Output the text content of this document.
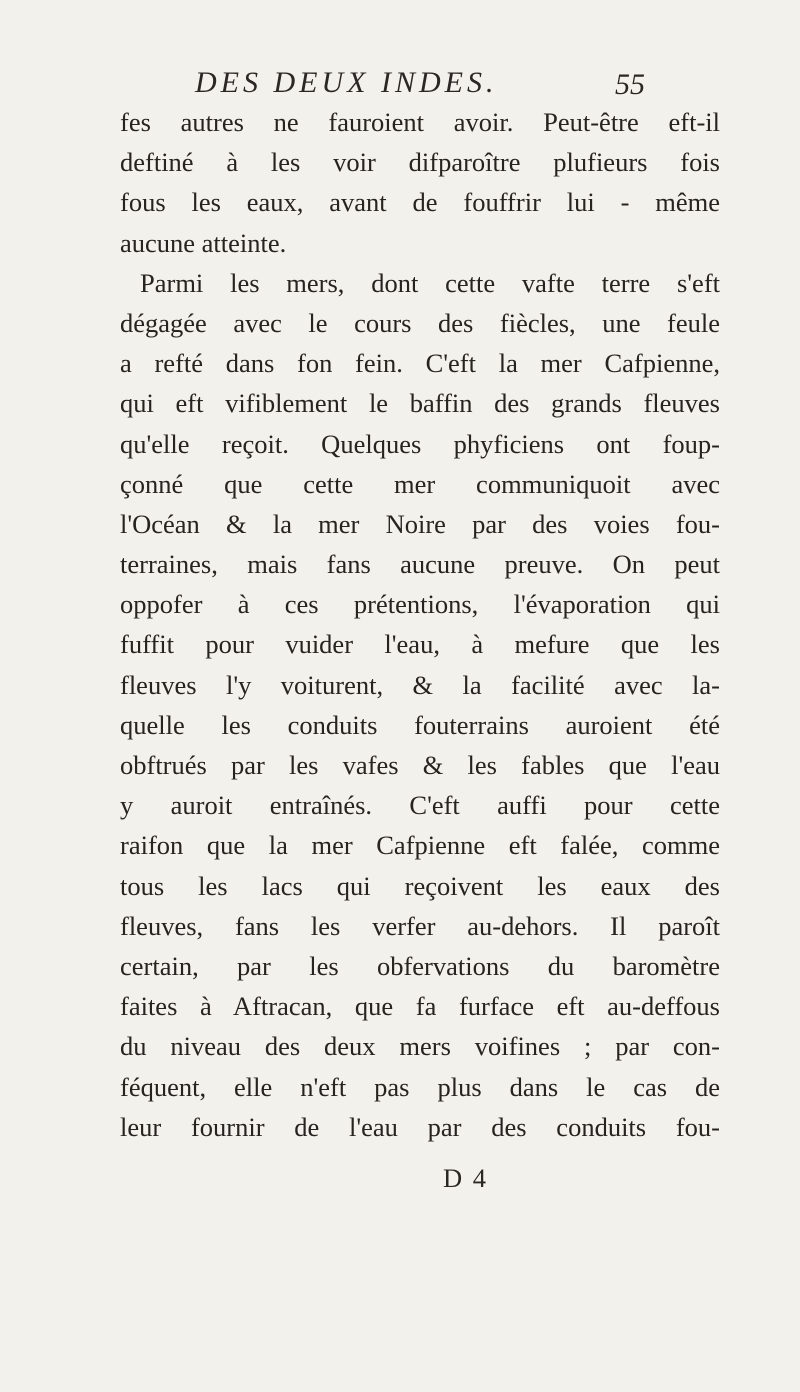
DES DEUX INDES.	55
fes autres ne fauroient avoir. Peut-être eft-il
deftiné à les voir difparoître plufieurs fois
fous les eaux, avant de fouffrir lui - même
aucune atteinte.
Parmi les mers, dont cette vafte terre s'eft
dégagée avec le cours des fiècles, une feule
a refté dans fon fein. C'eft la mer Cafpienne,
qui eft vifiblement le baffin des grands fleuves
qu'elle reçoit. Quelques phyficiens ont foup-
çonné que cette mer communiquoit avec
l'Océan & la mer Noire par des voies fou-
terraines, mais fans aucune preuve. On peut
oppofer à ces prétentions, l'évaporation qui
fuffit pour vuider l'eau, à mefure que les
fleuves l'y voiturent, & la facilité avec la-
quelle les conduits fouterrains auroient été
obftrués par les vafes & les fables que l'eau
y auroit entraînés. C'eft auffi pour cette
raifon que la mer Cafpienne eft falée, comme
tous les lacs qui reçoivent les eaux des
fleuves, fans les verfer au-dehors. Il paroît
certain, par les obfervations du baromètre
faites à Aftracan, que fa furface eft au-deffous
du niveau des deux mers voifines ; par con-
féquent, elle n'eft pas plus dans le cas de
leur fournir de l'eau par des conduits fou-
D 4
